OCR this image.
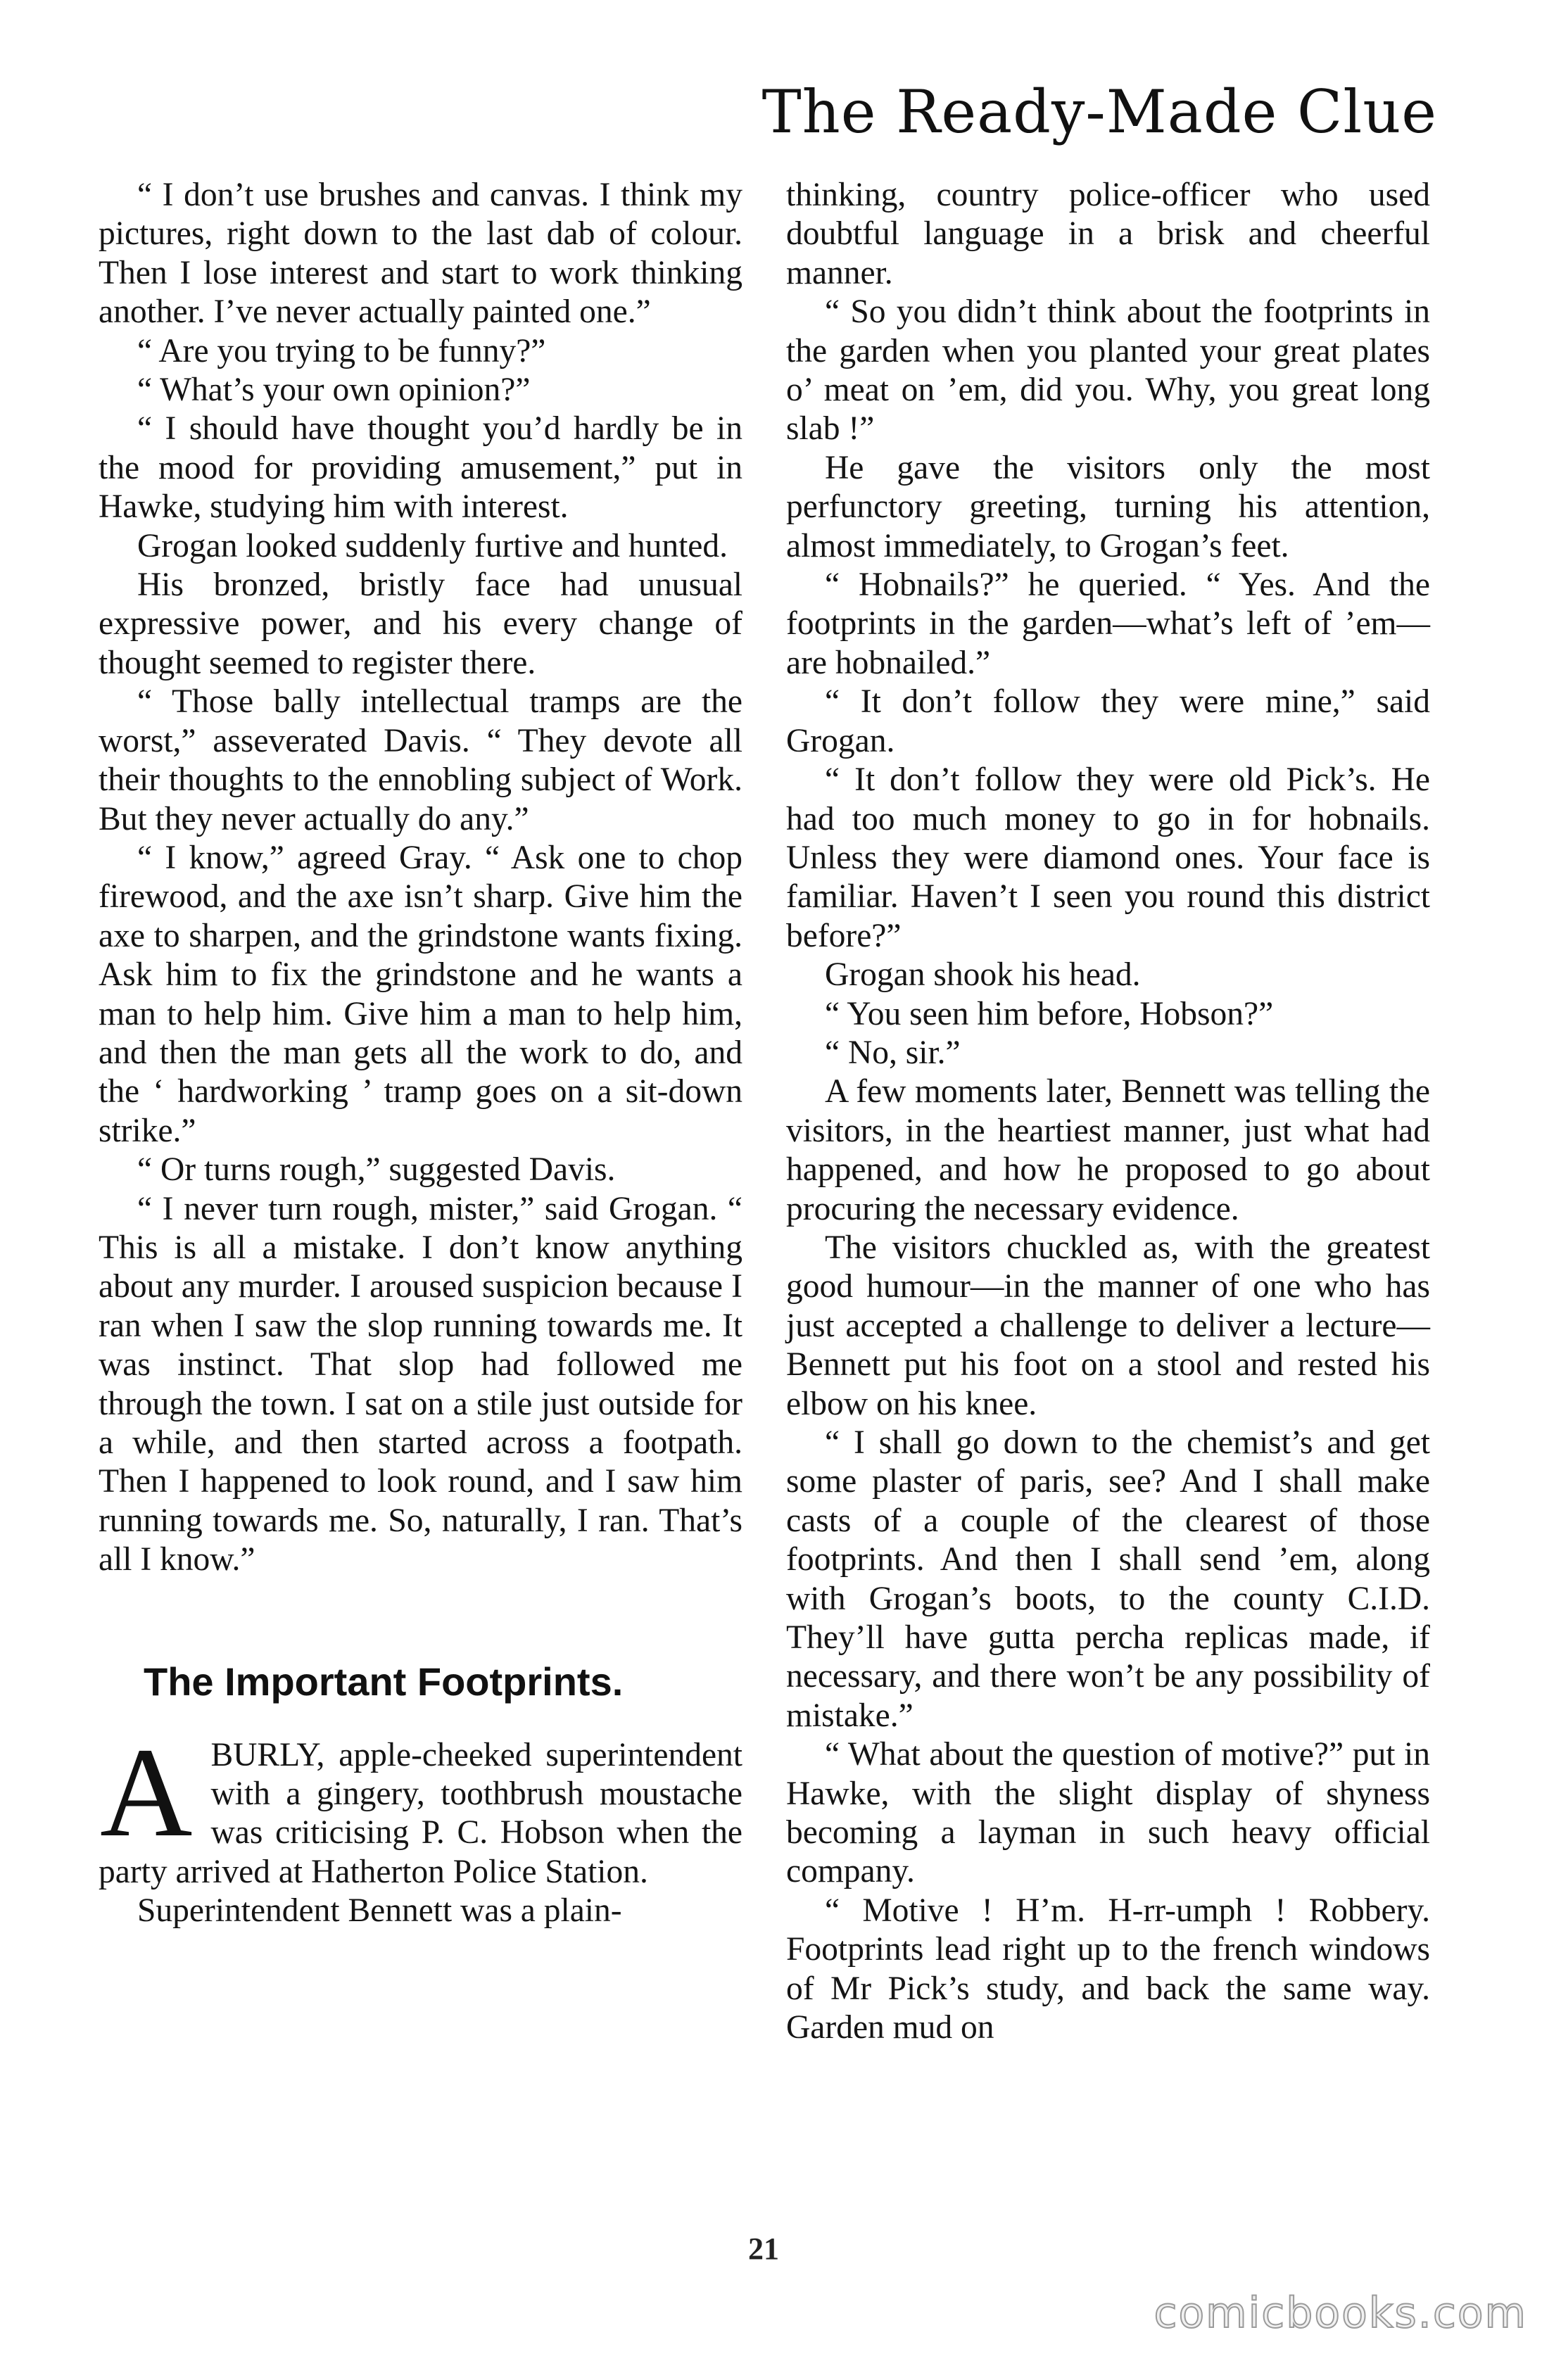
The Ready-Made Clue

“ I don’t use brushes and canvas. I think my pictures, right down to the last dab of colour. Then I lose interest and start to work thinking another. I’ve never actually painted one.”

“ Are you trying to be funny?”

“ What’s your own opinion?”

“ I should have thought you’d hardly be in the mood for providing amusement,” put in Hawke, studying him with interest.

Grogan looked suddenly furtive and hunted.

His bronzed, bristly face had unusual expressive power, and his every change of thought seemed to register there.

“ Those bally intellectual tramps are the worst,” asseverated Davis. “ They devote all their thoughts to the ennobling subject of Work. But they never actually do any.”

“ I know,” agreed Gray. “ Ask one to chop firewood, and the axe isn’t sharp. Give him the axe to sharpen, and the grindstone wants fixing. Ask him to fix the grindstone and he wants a man to help him. Give him a man to help him, and then the man gets all the work to do, and the ‘ hardworking ’ tramp goes on a sit-down strike.”

“ Or turns rough,” suggested Davis.

“ I never turn rough, mister,” said Grogan. “ This is all a mistake. I don’t know anything about any murder. I aroused suspicion because I ran when I saw the slop running towards me. It was instinct. That slop had followed me through the town. I sat on a stile just outside for a while, and then started across a footpath. Then I happened to look round, and I saw him running towards me. So, naturally, I ran. That’s all I know.”

The Important Footprints.

ABURLY, apple-cheeked superintendent with a gingery, toothbrush moustache was criticising P. C. Hobson when the party arrived at Hatherton Police Station.

Superintendent Bennett was a plain-

thinking, country police-officer who used doubtful language in a brisk and cheerful manner.

“ So you didn’t think about the footprints in the garden when you planted your great plates o’ meat on ’em, did you. Why, you great long slab !”

He gave the visitors only the most perfunctory greeting, turning his attention, almost immediately, to Grogan’s feet.

“ Hobnails?” he queried. “ Yes. And the footprints in the garden—what’s left of ’em—are hobnailed.”

“ It don’t follow they were mine,” said Grogan.

“ It don’t follow they were old Pick’s. He had too much money to go in for hobnails. Unless they were diamond ones. Your face is familiar. Haven’t I seen you round this district before?”

Grogan shook his head.

“ You seen him before, Hobson?”

“ No, sir.”

A few moments later, Bennett was telling the visitors, in the heartiest manner, just what had happened, and how he proposed to go about procuring the necessary evidence.

The visitors chuckled as, with the greatest good humour—in the manner of one who has just accepted a challenge to deliver a lecture—Bennett put his foot on a stool and rested his elbow on his knee.

“ I shall go down to the chemist’s and get some plaster of paris, see? And I shall make casts of a couple of the clearest of those footprints. And then I shall send ’em, along with Grogan’s boots, to the county C.I.D. They’ll have gutta percha replicas made, if necessary, and there won’t be any possibility of mistake.”

“ What about the question of motive?” put in Hawke, with the slight display of shyness becoming a layman in such heavy official company.

“ Motive ! H’m. H-rr-umph ! Robbery. Footprints lead right up to the french windows of Mr Pick’s study, and back the same way. Garden mud on

21
comicbooks.com
